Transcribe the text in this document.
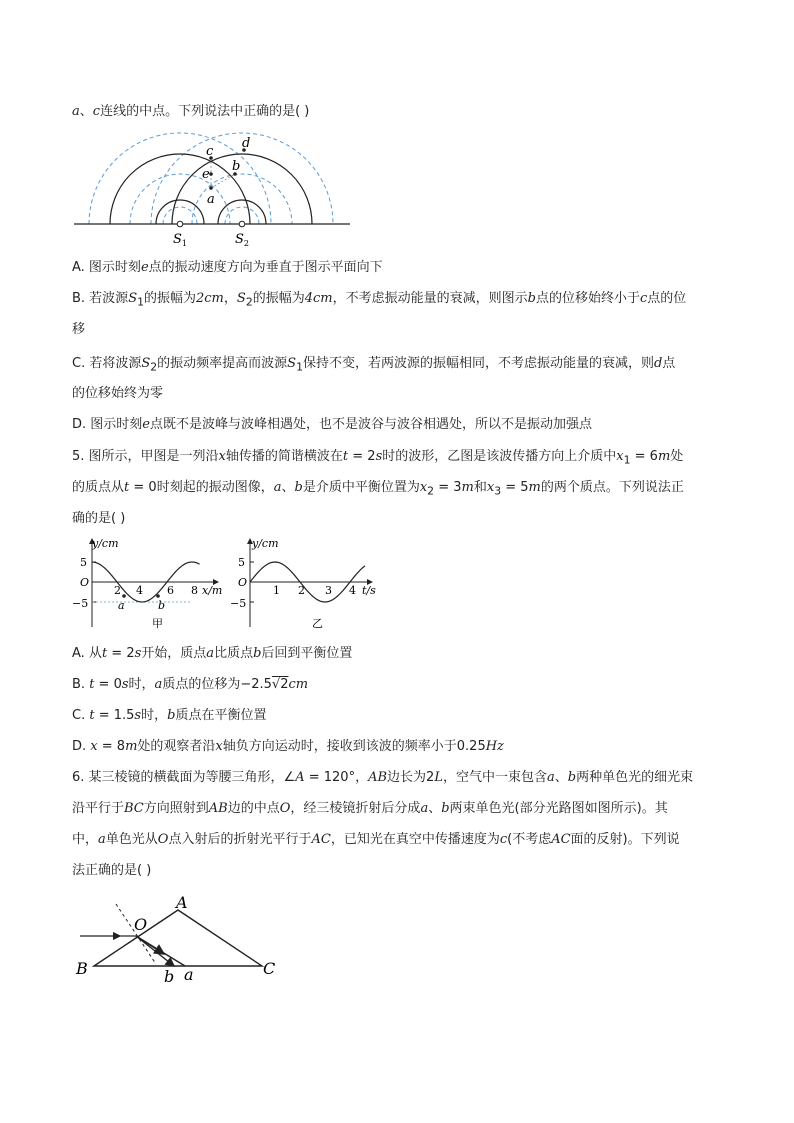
a、c连线的中点。下列说法中正确的是( )
c
d
e
b
a
$S_1$	$S_2$
A. 图示时刻e点的振动速度方向为垂直于图示平面向下
B. 若波源$S_1$的振幅为2cm，$S_2$的振幅为4cm，不考虑振动能量的衰减，则图示b点的位移始终小于c点的位
移
C. 若将波源$S_2$的振动频率提高而波源$S_1$保持不变，若两波源的振幅相同，不考虑振动能量的衰减，则d点
的位移始终为零
D. 图示时刻e点既不是波峰与波峰相遇处，也不是波谷与波谷相遇处，所以不是振动加强点
5. 图所示，甲图是一列沿x轴传播的简谐横波在t = 2s时的波形，乙图是该波传播方向上介质中$x_1 = 6m$处
的质点从t = 0时刻起的振动图像，a、b是介质中平衡位置为$x_2 = 3m$和$x_3 = 5m$的两个质点。下列说法正
确的是( )
y/cm
x/m
5
O
−5
2 4 6 8
a	b
甲
y/cm
t/s
5
O
−5
1 2 3 4
乙
A. 从t = 2s开始，质点a比质点b后回到平衡位置
B. t = 0s时，a质点的位移为−2.5√2cm
C. t = 1.5s时，b质点在平衡位置
D. x = 8m处的观察者沿x轴负方向运动时，接收到该波的频率小于0.25Hz
6. 某三棱镜的横截面为等腰三角形，∠A = 120°，AB边长为2L，空气中一束包含a、b两种单色光的细光束
沿平行于BC方向照射到AB边的中点O，经三棱镜折射后分成a、b两束单色光(部分光路图如图所示)。其
中，a单色光从O点入射后的折射光平行于AC，已知光在真空中传播速度为c(不考虑AC面的反射)。下列说
法正确的是( )
O
A
B	b a	C
